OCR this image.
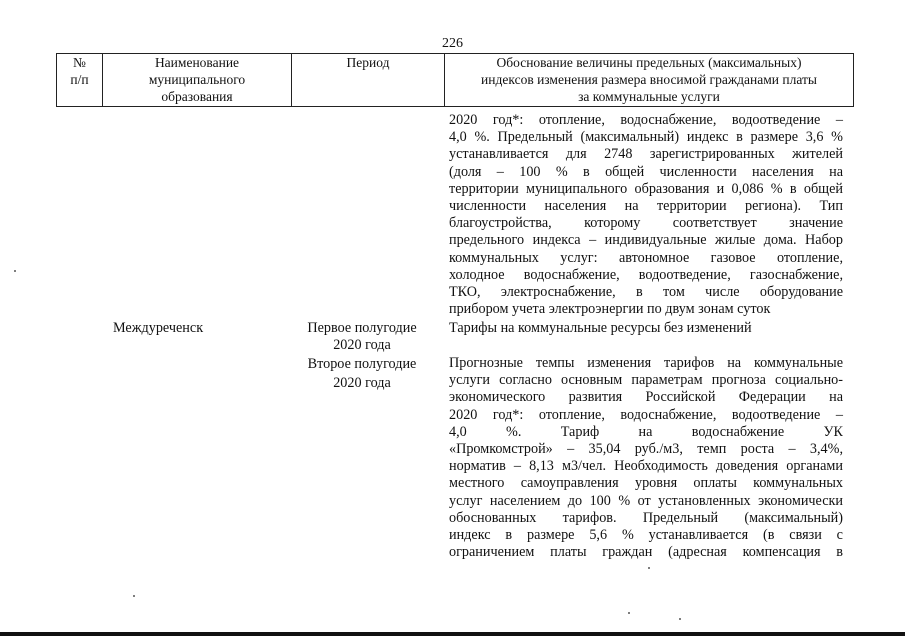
226
№
п/п
Наименование
муниципального
образования
Период	Обоснование величины предельных (максимальных)
индексов изменения размера вносимой гражданами платы
за коммунальные услуги
2020 год*: отопление, водоснабжение, водоотведение –
4,0 %. Предельный (максимальный) индекс в размере 3,6 %
устанавливается для 2748 зарегистрированных жителей
(доля – 100 % в общей численности населения на
территории муниципального образования и 0,086 % в общей
численности населения на территории региона). Тип
благоустройства, которому соответствует значение
предельного индекса – индивидуальные жилые дома. Набор
коммунальных услуг: автономное газовое отопление,
холодное водоснабжение, водоотведение, газоснабжение,
ТКО, электроснабжение, в том числе оборудование
прибором учета электроэнергии по двум зонам суток
Междуреченск	Первое полугодие
2020 года
Тарифы на коммунальные ресурсы без изменений
Второе полугодие
2020 года
Прогнозные темпы изменения тарифов на коммунальные
услуги согласно основным параметрам прогноза социально-
экономического развития Российской Федерации на
2020 год*: отопление, водоснабжение, водоотведение –
4,0 %. Тариф на водоснабжение УК
«Промкомстрой» – 35,04 руб./м3, темп роста – 3,4%,
норматив – 8,13 м3/чел. Необходимость доведения органами
местного самоуправления уровня оплаты коммунальных
услуг населением до 100 % от установленных экономически
обоснованных тарифов. Предельный (максимальный)
индекс в размере 5,6 % устанавливается (в связи с
ограничением платы граждан (адресная компенсация в
